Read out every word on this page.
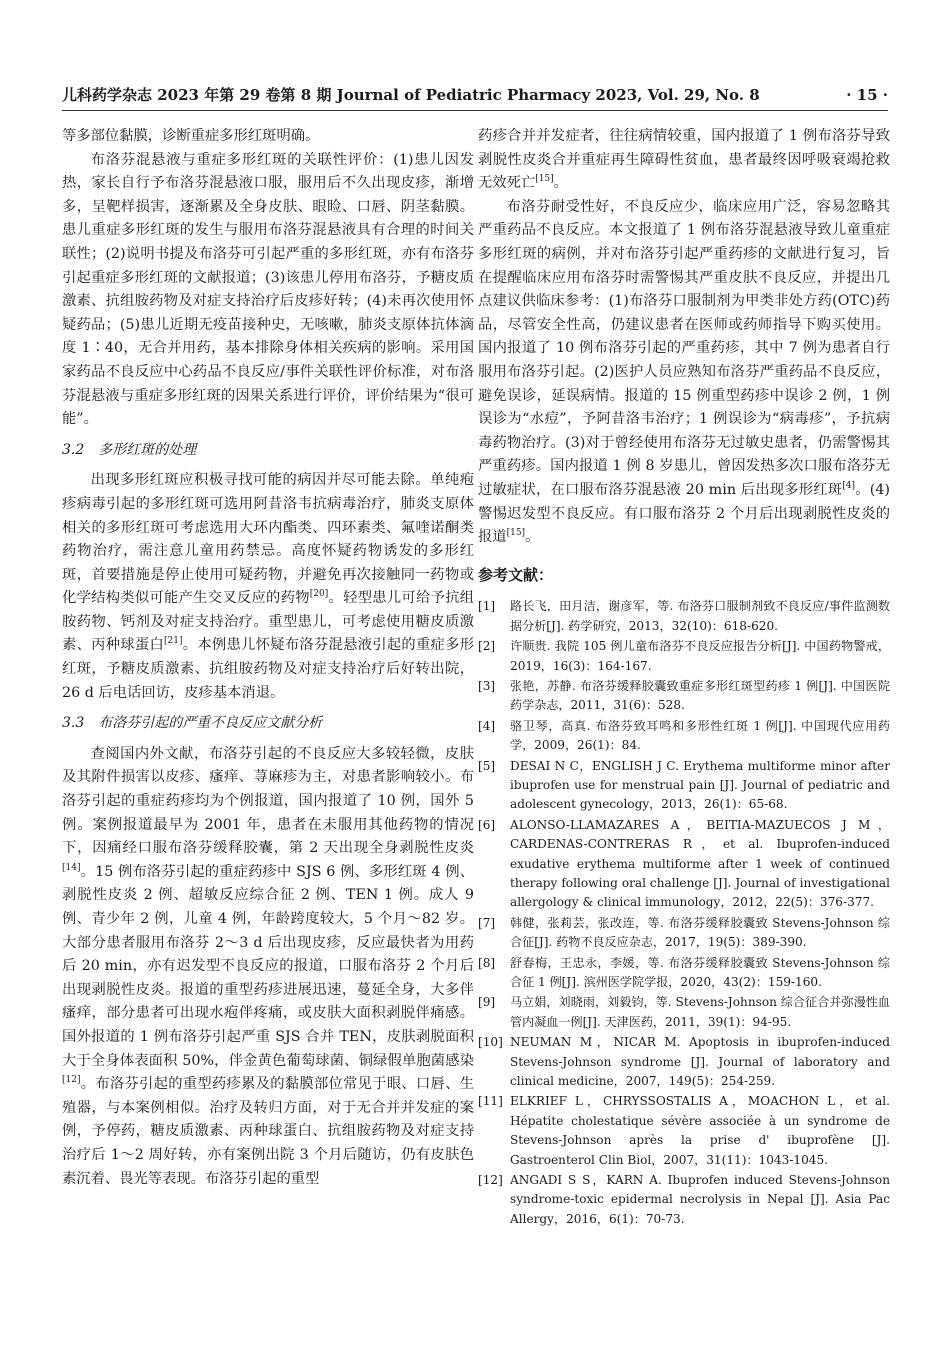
儿科药学杂志 2023 年第 29 卷第 8 期 Journal of Pediatric Pharmacy 2023, Vol. 29, No. 8	· 15 ·

等多部位黏膜，诊断重症多形红斑明确。

布洛芬混悬液与重症多形红斑的关联性评价：(1)患儿因发热，家长自行予布洛芬混悬液口服，服用后不久出现皮疹，渐增多，呈靶样损害，逐渐累及全身皮肤、眼睑、口唇、阴茎黏膜。患儿重症多形红斑的发生与服用布洛芬混悬液具有合理的时间关联性；(2)说明书提及布洛芬可引起严重的多形红斑，亦有布洛芬引起重症多形红斑的文献报道；(3)该患儿停用布洛芬，予糖皮质激素、抗组胺药物及对症支持治疗后皮疹好转；(4)未再次使用怀疑药品；(5)患儿近期无疫苗接种史，无咳嗽，肺炎支原体抗体滴度 1∶40，无合并用药，基本排除身体相关疾病的影响。采用国家药品不良反应中心药品不良反应/事件关联性评价标准，对布洛芬混悬液与重症多形红斑的因果关系进行评价，评价结果为“很可能”。

3.2　多形红斑的处理

出现多形红斑应积极寻找可能的病因并尽可能去除。单纯疱疹病毒引起的多形红斑可选用阿昔洛韦抗病毒治疗，肺炎支原体相关的多形红斑可考虑选用大环内酯类、四环素类、氟喹诺酮类药物治疗，需注意儿童用药禁忌。高度怀疑药物诱发的多形红斑，首要措施是停止使用可疑药物，并避免再次接触同一药物或化学结构类似可能产生交叉反应的药物[20]。轻型患儿可给予抗组胺药物、钙剂及对症支持治疗。重型患儿，可考虑使用糖皮质激素、丙种球蛋白[21]。本例患儿怀疑布洛芬混悬液引起的重症多形红斑，予糖皮质激素、抗组胺药物及对症支持治疗后好转出院，26 d 后电话回访，皮疹基本消退。

3.3　布洛芬引起的严重不良反应文献分析

查阅国内外文献，布洛芬引起的不良反应大多较轻微，皮肤及其附件损害以皮疹、瘙痒、荨麻疹为主，对患者影响较小。布洛芬引起的重症药疹均为个例报道，国内报道了 10 例，国外 5 例。案例报道最早为 2001 年，患者在未服用其他药物的情况下，因痛经口服布洛芬缓释胶囊，第 2 天出现全身剥脱性皮炎[14]。15 例布洛芬引起的重症药疹中 SJS 6 例、多形红斑 4 例、剥脱性皮炎 2 例、超敏反应综合征 2 例、TEN 1 例。成人 9 例、青少年 2 例，儿童 4 例，年龄跨度较大，5 个月～82 岁。大部分患者服用布洛芬 2～3 d 后出现皮疹，反应最快者为用药后 20 min，亦有迟发型不良反应的报道，口服布洛芬 2 个月后出现剥脱性皮炎。报道的重型药疹进展迅速，蔓延全身，大多伴瘙痒，部分患者可出现水疱伴疼痛，或皮肤大面积剥脱伴痛感。国外报道的 1 例布洛芬引起严重 SJS 合并 TEN，皮肤剥脱面积大于全身体表面积 50%，伴金黄色葡萄球菌、铜绿假单胞菌感染[12]。布洛芬引起的重型药疹累及的黏膜部位常见于眼、口唇、生殖器，与本案例相似。治疗及转归方面，对于无合并并发症的案例，予停药，糖皮质激素、丙种球蛋白、抗组胺药物及对症支持治疗后 1～2 周好转，亦有案例出院 3 个月后随访，仍有皮肤色素沉着、畏光等表现。布洛芬引起的重型

药疹合并并发症者，往往病情较重，国内报道了 1 例布洛芬导致剥脱性皮炎合并重症再生障碍性贫血，患者最终因呼吸衰竭抢救无效死亡[15]。

布洛芬耐受性好，不良反应少，临床应用广泛，容易忽略其严重药品不良反应。本文报道了 1 例布洛芬混悬液导致儿童重症多形红斑的病例，并对布洛芬引起严重药疹的文献进行复习，旨在提醒临床应用布洛芬时需警惕其严重皮肤不良反应，并提出几点建议供临床参考：(1)布洛芬口服制剂为甲类非处方药(OTC)药品，尽管安全性高，仍建议患者在医师或药师指导下购买使用。国内报道了 10 例布洛芬引起的严重药疹，其中 7 例为患者自行服用布洛芬引起。(2)医护人员应熟知布洛芬严重药品不良反应，避免误诊，延误病情。报道的 15 例重型药疹中误诊 2 例，1 例误诊为“水痘”，予阿昔洛韦治疗；1 例误诊为“病毒疹”，予抗病毒药物治疗。(3)对于曾经使用布洛芬无过敏史患者，仍需警惕其严重药疹。国内报道 1 例 8 岁患儿，曾因发热多次口服布洛芬无过敏症状，在口服布洛芬混悬液 20 min 后出现多形红斑[4]。(4)警惕迟发型不良反应。有口服布洛芬 2 个月后出现剥脱性皮炎的报道[15]。

参考文献：
[1]	路长飞，田月洁，谢彦军，等. 布洛芬口服制剂致不良反应/事件监测数据分析[J]. 药学研究，2013，32(10)：618-620.
[2]	许顺贵. 我院 105 例儿童布洛芬不良反应报告分析[J]. 中国药物警戒，2019，16(3)：164-167.
[3]	张艳，苏静. 布洛芬缓释胶囊致重症多形红斑型药疹 1 例[J]. 中国医院药学杂志，2011，31(6)：528.
[4]	骆卫琴，高真. 布洛芬致耳鸣和多形性红斑 1 例[J]. 中国现代应用药学，2009，26(1)：84.
[5]	DESAI N C，ENGLISH J C. Erythema multiforme minor after ibuprofen use for menstrual pain [J]. Journal of pediatric and adolescent gynecology，2013，26(1)：65-68.
[6]	ALONSO-LLAMAZARES A，BEITIA-MAZUECOS J M，CARDENAS-CONTRERAS R，et al. Ibuprofen-induced exudative erythema multiforme after 1 week of continued therapy following oral challenge [J]. Journal of investigational allergology & clinical immunology，2012，22(5)：376-377.
[7]	韩健，张莉芸，张改连，等. 布洛芬缓释胶囊致 Stevens-Johnson 综合征[J]. 药物不良反应杂志，2017，19(5)：389-390.
[8]	舒春梅，王忠永，李媛，等. 布洛芬缓释胶囊致 Stevens-Johnson 综合征 1 例[J]. 滨州医学院学报，2020，43(2)：159-160.
[9]	马立娟，刘晓雨，刘毅钧，等. Stevens-Johnson 综合征合并弥漫性血管内凝血一例[J]. 天津医药，2011，39(1)：94-95.
[10] NEUMAN M，NICAR M. Apoptosis in ibuprofen-induced Stevens-Johnson syndrome [J]. Journal of laboratory and clinical medicine，2007，149(5)：254-259.
[11] ELKRIEF L，CHRYSSOSTALIS A，MOACHON L，et al. Hépatite cholestatique sévère associée à un syndrome de Stevens-Johnson après la prise d' ibuprofène [J]. Gastroenterol Clin Biol，2007，31(11)：1043-1045.
[12] ANGADI S S，KARN A. Ibuprofen induced Stevens-Johnson syndrome-toxic epidermal necrolysis in Nepal [J]. Asia Pac Allergy，2016，6(1)：70-73.
